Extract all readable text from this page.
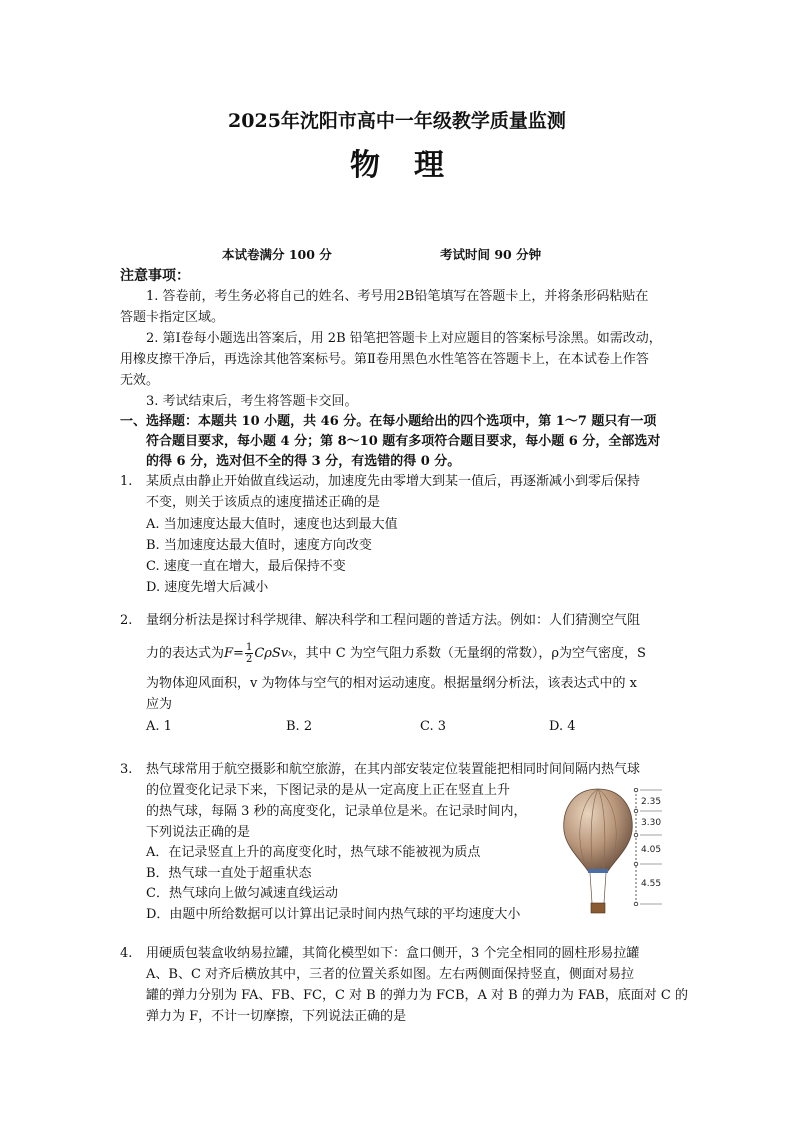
2025年沈阳市高中一年级教学质量监测
物理
本试卷满分 100 分	考试时间 90 分钟
注意事项：
1. 答卷前，考生务必将自己的姓名、考号用2B铅笔填写在答题卡上，并将条形码粘贴在
答题卡指定区域。
2. 第Ⅰ卷每小题选出答案后，用 2B 铅笔把答题卡上对应题目的答案标号涂黑。如需改动，
用橡皮擦干净后，再选涂其他答案标号。第Ⅱ卷用黑色水性笔答在答题卡上，在本试卷上作答
无效。
3. 考试结束后，考生将答题卡交回。
一、选择题：本题共 10 小题，共 46 分。在每小题给出的四个选项中，第 1～7 题只有一项
符合题目要求，每小题 4 分；第 8～10 题有多项符合题目要求，每小题 6 分，全部选对
的得 6 分，选对但不全的得 3 分，有选错的得 0 分。
1. 某质点由静止开始做直线运动，加速度先由零增大到某一值后，再逐渐减小到零后保持
不变，则关于该质点的速度描述正确的是
A. 当加速度达最大值时，速度也达到最大值
B. 当加速度达最大值时，速度方向改变
C. 速度一直在增大，最后保持不变
D. 速度先增大后减小
2. 量纲分析法是探讨科学规律、解决科学和工程问题的普适方法。例如：人们猜测空气阻
力的表达式为 $F= \frac{1}{2}$ CρSv x ，其中 C 为空气阻力系数（无量纲的常数），ρ为空气密度，S
为物体迎风面积，v 为物体与空气的相对运动速度。根据量纲分析法，该表达式中的 x
应为
A. 1	B. 2	C. 3	D. 4
3. 热气球常用于航空摄影和航空旅游，在其内部安装定位装置能把相同时间间隔内热气球
的位置变化记录下来，下图记录的是从一定高度上正在竖直上升
的热气球，每隔 3 秒的高度变化，记录单位是米。在记录时间内，
下列说法正确的是
A．在记录竖直上升的高度变化时，热气球不能被视为质点
B．热气球一直处于超重状态
C．热气球向上做匀减速直线运动
D．由题中所给数据可以计算出记录时间内热气球的平均速度大小
2.35
3.30
4.05
4.55
4. 用硬质包装盒收纳易拉罐，其简化模型如下：盒口侧开，3 个完全相同的圆柱形易拉罐
A、B、C 对齐后横放其中，三者的位置关系如图。左右两侧面保持竖直，侧面对易拉
罐的弹力分别为 FA、FB、FC，C 对 B 的弹力为 FCB，A 对 B 的弹力为 FAB，底面对 C 的
弹力为 F，不计一切摩擦，下列说法正确的是
